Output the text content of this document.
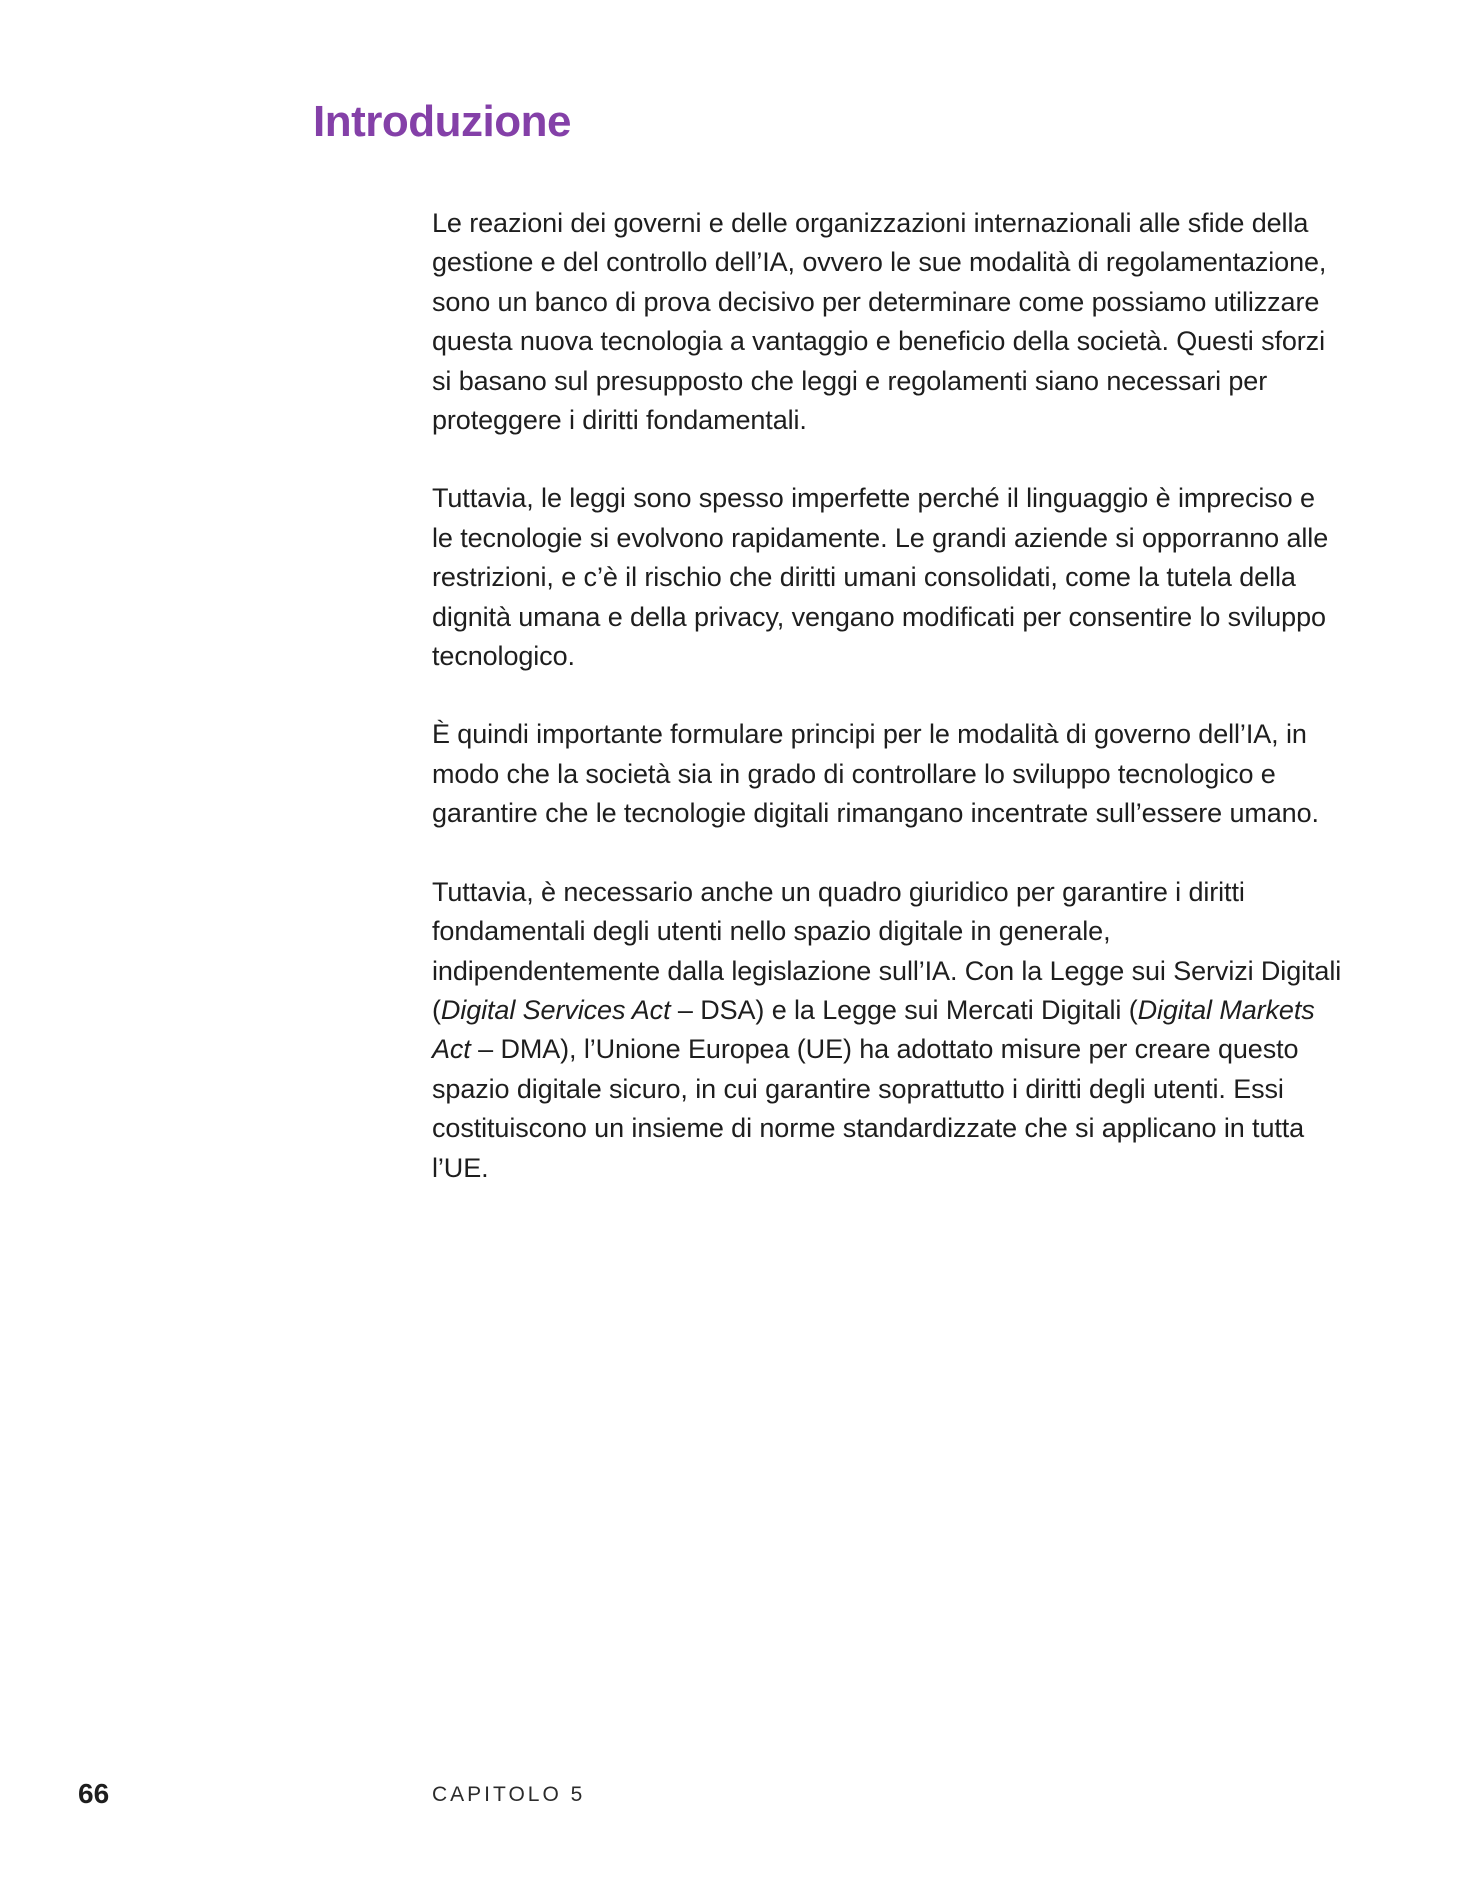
Introduzione

Le reazioni dei governi e delle organizzazioni internazionali alle sfide della gestione e del controllo dell’IA, ovvero le sue modalità di regolamentazione, sono un banco di prova decisivo per determinare come possiamo utilizzare questa nuova tecnologia a vantaggio e beneficio della società. Questi sforzi si basano sul presupposto che leggi e regolamenti siano necessari per proteggere i diritti fondamentali.

Tuttavia, le leggi sono spesso imperfette perché il linguaggio è impreciso e le tecnologie si evolvono rapidamente. Le grandi aziende si opporranno alle restrizioni, e c’è il rischio che diritti umani consolidati, come la tutela della dignità umana e della privacy, vengano modificati per consentire lo sviluppo tecnologico.

È quindi importante formulare principi per le modalità di governo dell’IA, in modo che la società sia in grado di controllare lo sviluppo tecnologico e garantire che le tecnologie digitali rimangano incentrate sull’essere umano.

Tuttavia, è necessario anche un quadro giuridico per garantire i diritti fondamentali degli utenti nello spazio digitale in generale, indipendentemente dalla legislazione sull’IA. Con la Legge sui Servizi Digitali (Digital Services Act – DSA) e la Legge sui Mercati Digitali (Digital Markets Act – DMA), l’Unione Europea (UE) ha adottato misure per creare questo spazio digitale sicuro, in cui garantire soprattutto i diritti degli utenti. Essi costituiscono un insieme di norme standardizzate che si applicano in tutta l’UE.

66	CAPITOLO 5
